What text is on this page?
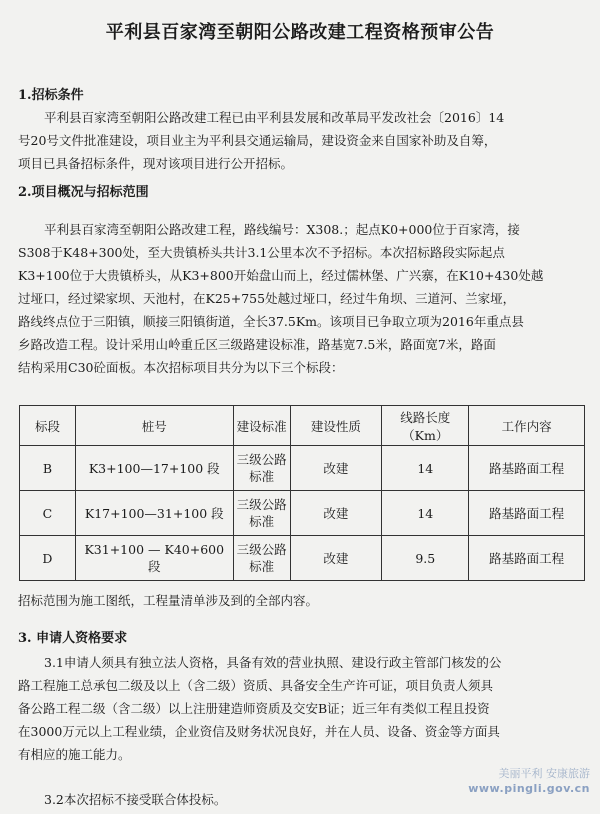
平利县百家湾至朝阳公路改建工程资格预审公告
1.招标条件
平利县百家湾至朝阳公路改建工程已由平利县发展和改革局平发改社会〔2016〕14
号20号文件批准建设，项目业主为平利县交通运输局，建设资金来自国家补助及自筹，
项目已具备招标条件，现对该项目进行公开招标。
2.项目概况与招标范围
平利县百家湾至朝阳公路改建工程，路线编号：X308.；起点K0+000位于百家湾，接
S308于K48+300处，至大贵镇桥头共计3.1公里本次不予招标。本次招标路段实际起点
K3+100位于大贵镇桥头，从K3+800开始盘山而上，经过儒林堡、广兴寨，在K10+430处越
过垭口，经过梁家坝、天池村，在K25+755处越过垭口，经过牛角坝、三道河、兰家垭，
路线终点位于三阳镇，顺接三阳镇街道，全长37.5Km。该项目已争取立项为2016年重点县
乡路改造工程。设计采用山岭重丘区三级路建设标准，路基宽7.5米，路面宽7米，路面
结构采用C30砼面板。本次招标项目共分为以下三个标段：
标段	桩号	建设标准	建设性质	线路长度（Km）	工作内容
B	K3+100—17+100 段	三级公路标准	改建	14	路基路面工程
C	K17+100—31+100 段	三级公路标准	改建	14	路基路面工程
D	K31+100 — K40+600 段	三级公路标准	改建	9.5	路基路面工程
招标范围为施工图纸，工程量清单涉及到的全部内容。
3. 申请人资格要求
3.1申请人须具有独立法人资格，具备有效的营业执照、建设行政主管部门核发的公
路工程施工总承包二级及以上（含二级）资质、具备安全生产许可证，项目负责人须具
备公路工程二级（含二级）以上注册建造师资质及交安B证；近三年有类似工程且投资
在3000万元以上工程业绩，企业资信及财务状况良好，并在人员、设备、资金等方面具
有相应的施工能力。
3.2本次招标不接受联合体投标。
美丽平利 安康旅游
www.pingli.gov.cn
